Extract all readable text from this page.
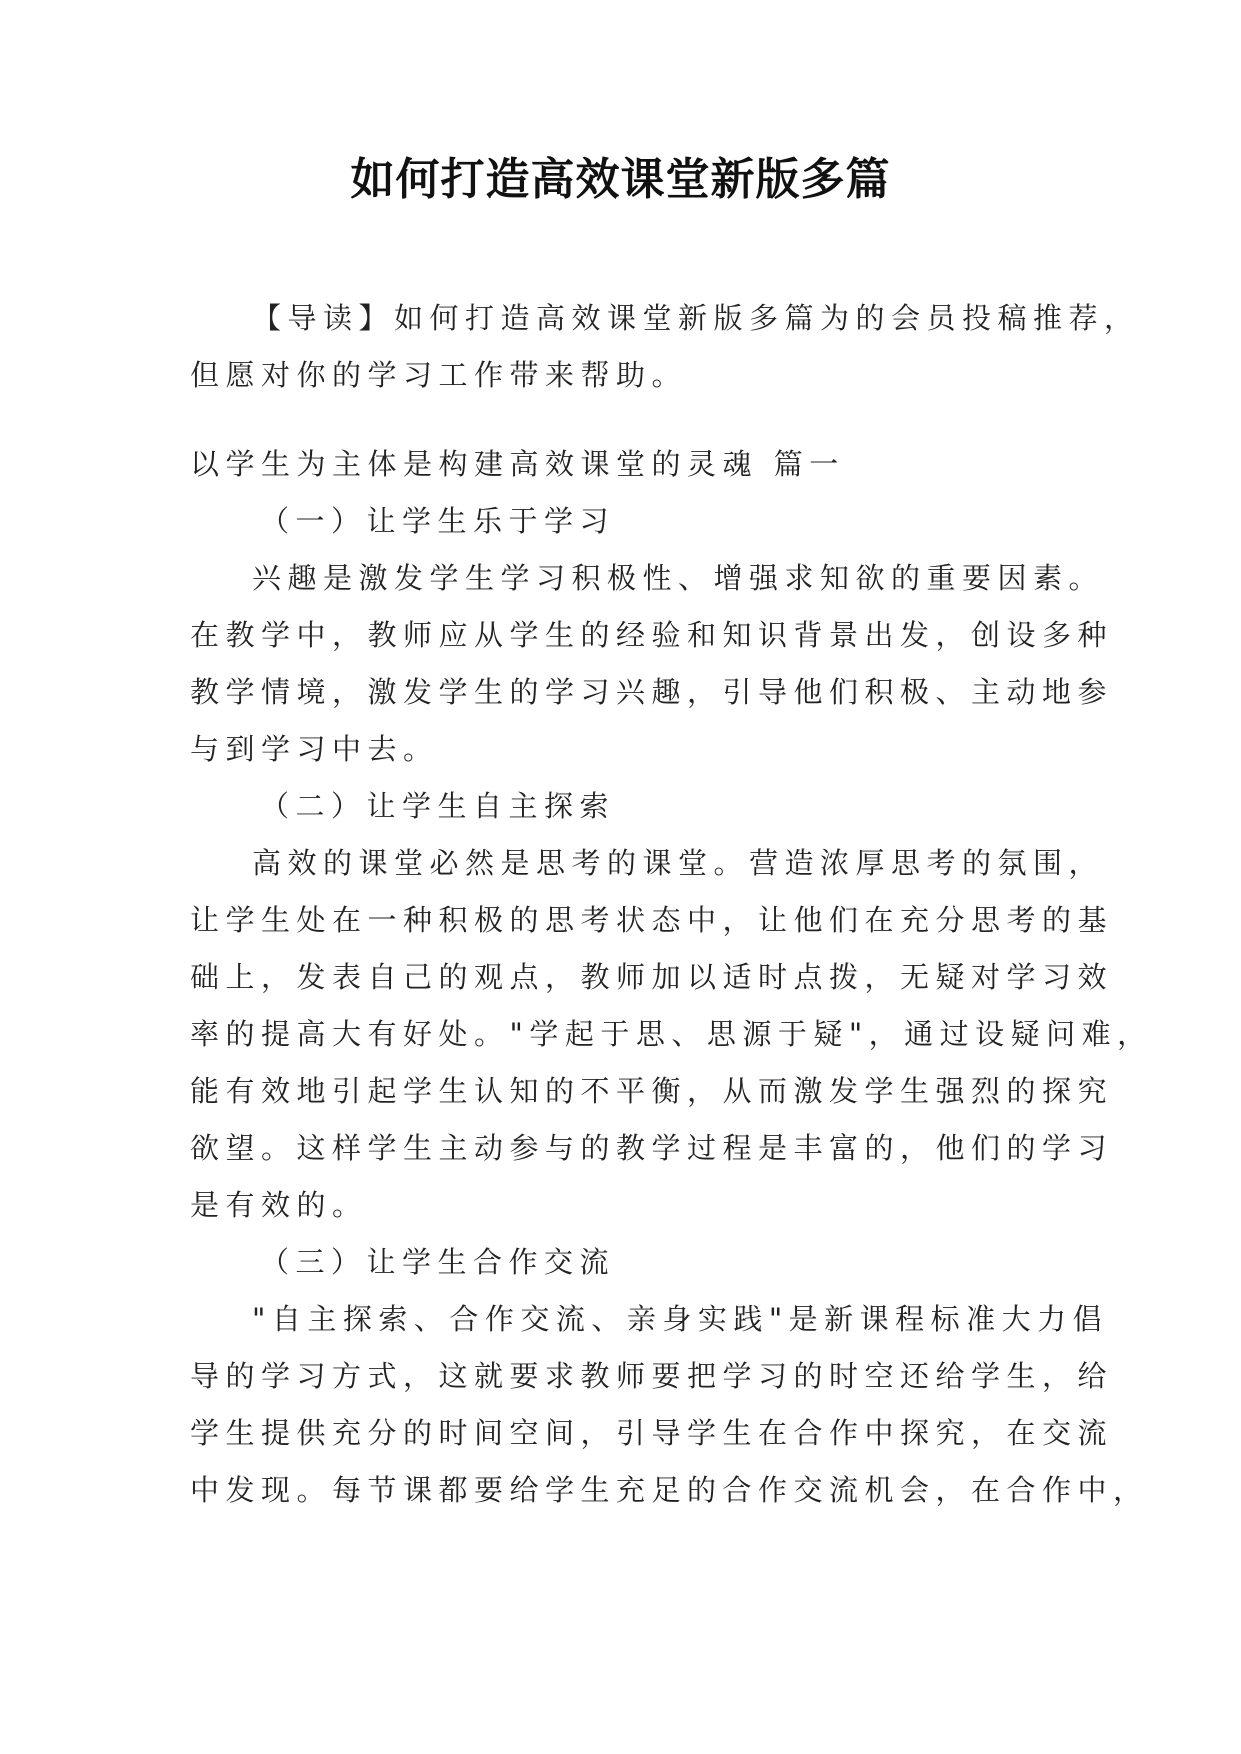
如何打造高效课堂新版多篇

【导读】如何打造高效课堂新版多篇为的会员投稿推荐，

但愿对你的学习工作带来帮助。

以学生为主体是构建高效课堂的灵魂 篇一

（一）让学生乐于学习

兴趣是激发学生学习积极性、增强求知欲的重要因素。

在教学中，教师应从学生的经验和知识背景出发，创设多种

教学情境，激发学生的学习兴趣，引导他们积极、主动地参

与到学习中去。

（二）让学生自主探索

高效的课堂必然是思考的课堂。营造浓厚思考的氛围，

让学生处在一种积极的思考状态中，让他们在充分思考的基

础上，发表自己的观点，教师加以适时点拨，无疑对学习效

率的提高大有好处。"学起于思、思源于疑"，通过设疑问难，

能有效地引起学生认知的不平衡，从而激发学生强烈的探究

欲望。这样学生主动参与的教学过程是丰富的，他们的学习

是有效的。

（三）让学生合作交流

"自主探索、合作交流、亲身实践"是新课程标准大力倡

导的学习方式，这就要求教师要把学习的时空还给学生，给

学生提供充分的时间空间，引导学生在合作中探究，在交流

中发现。每节课都要给学生充足的合作交流机会，在合作中，
